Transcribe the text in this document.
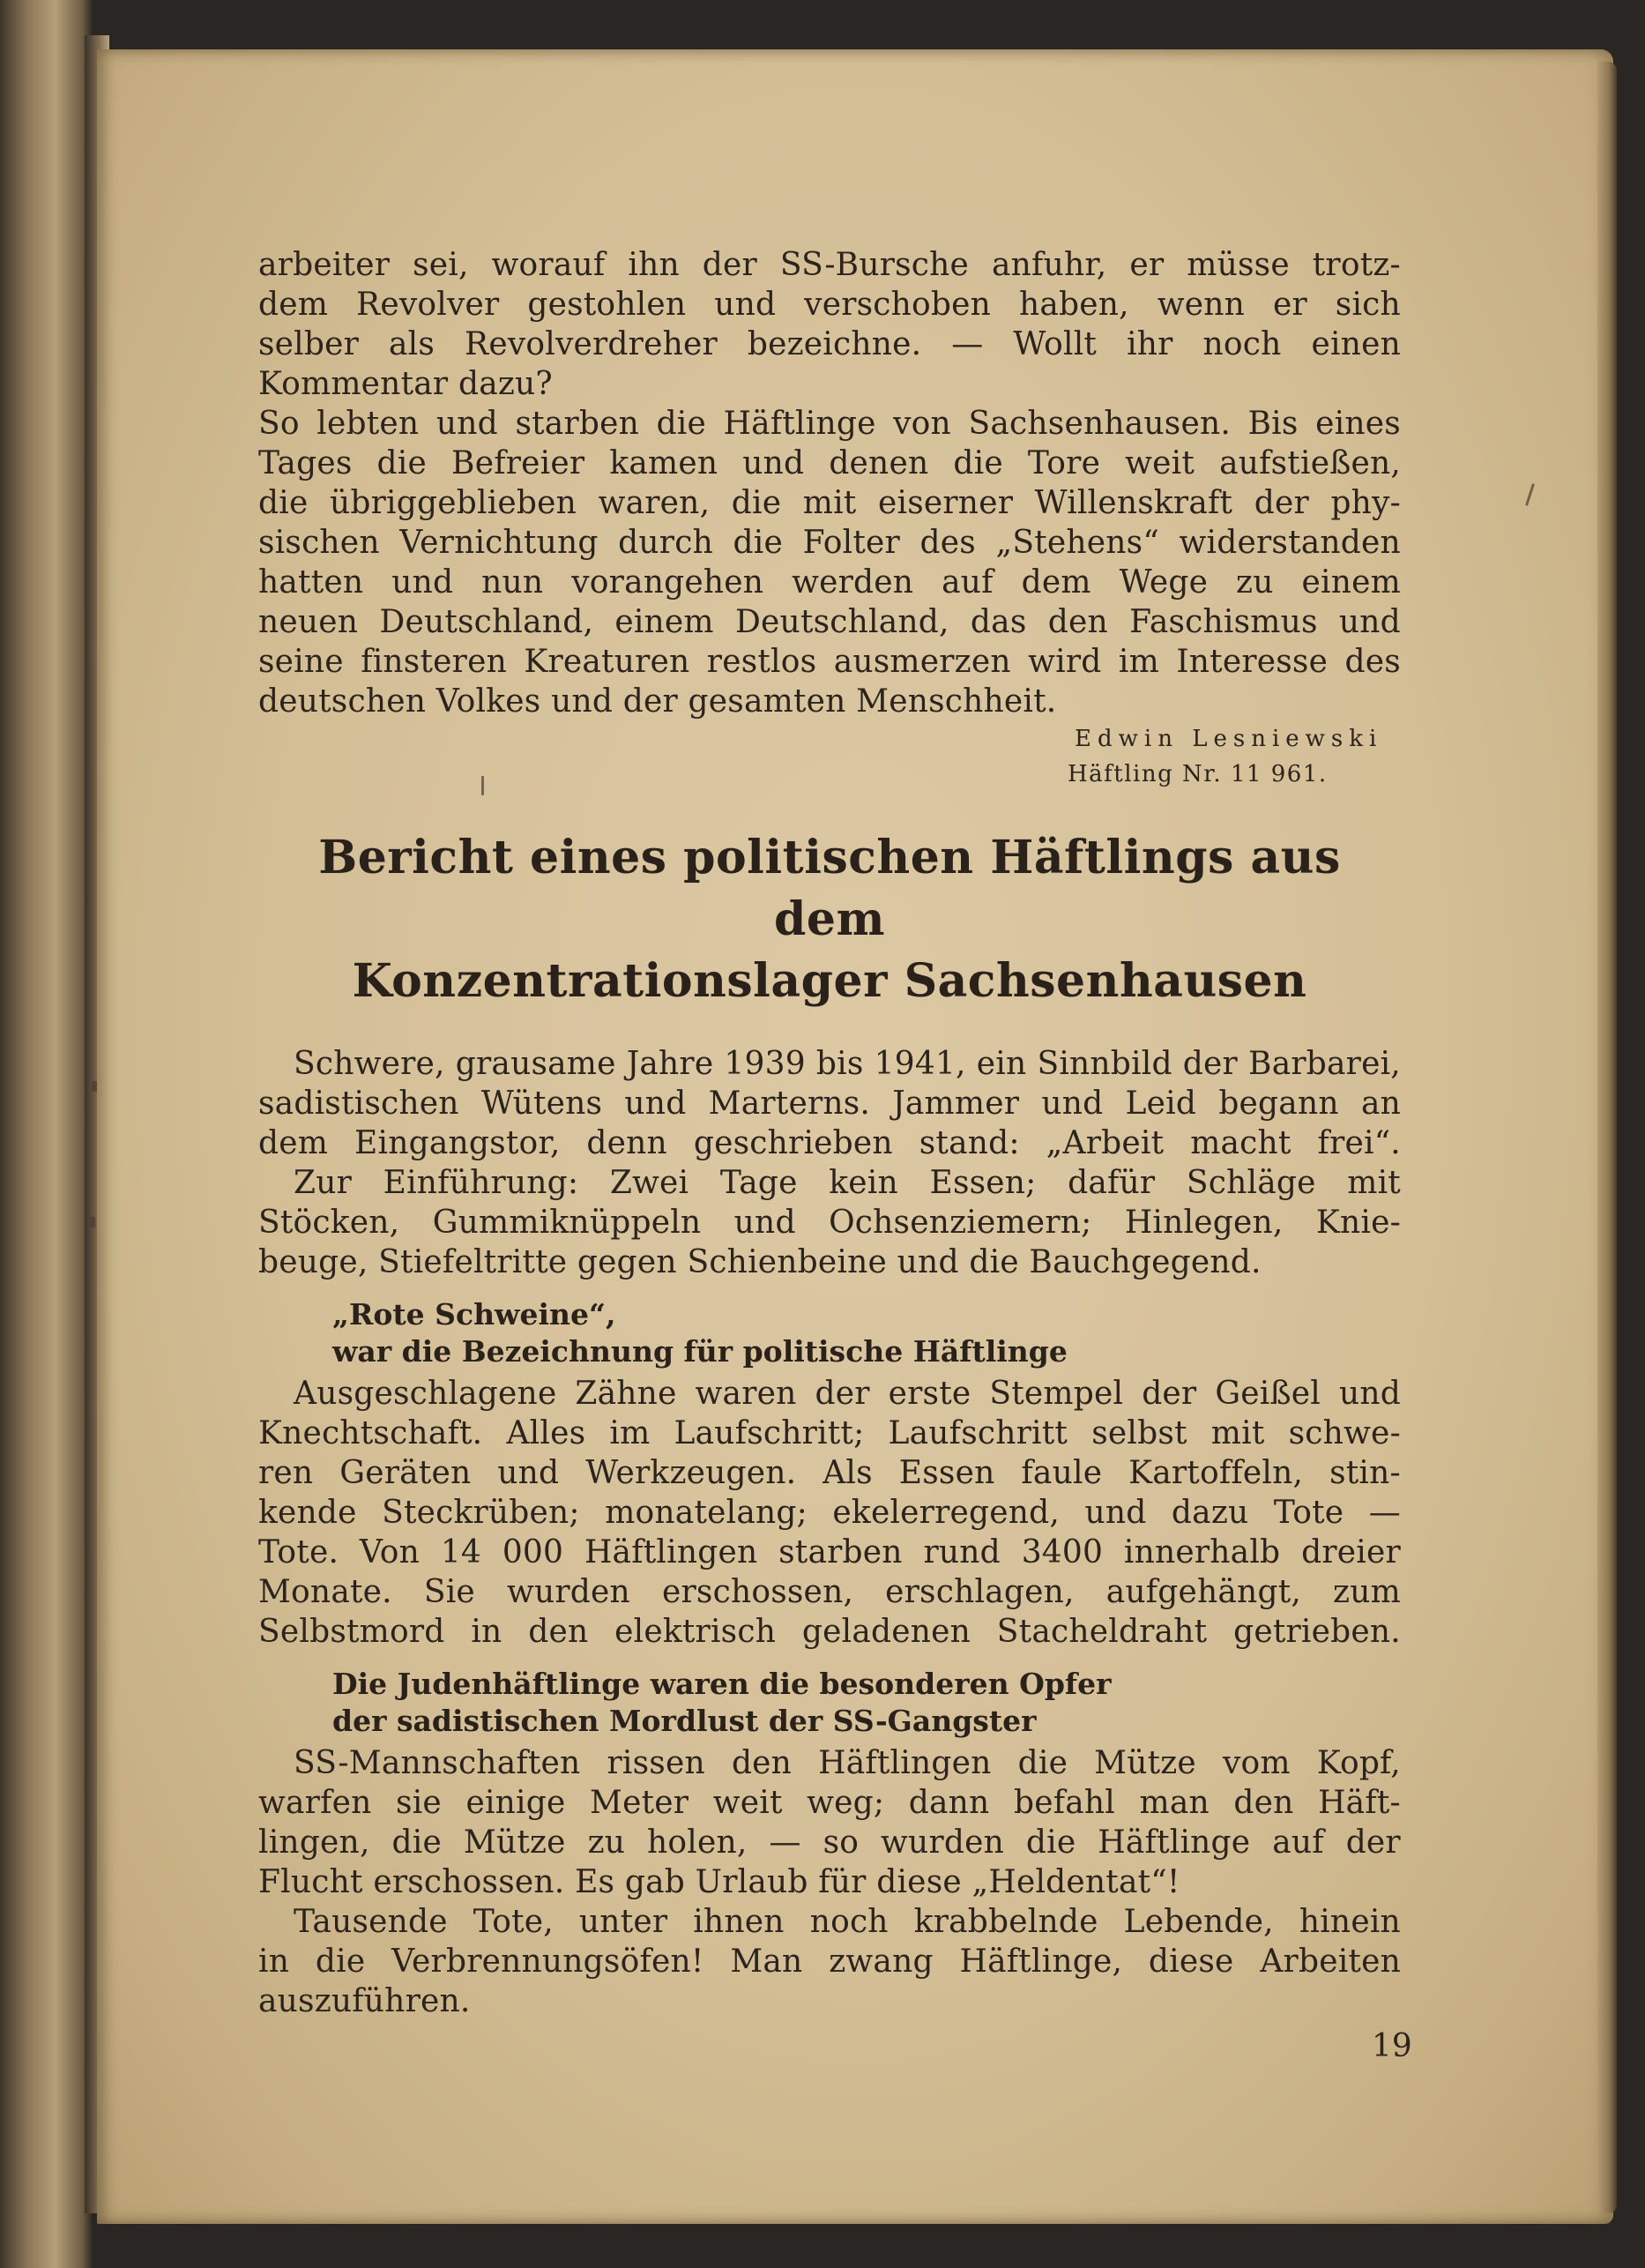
arbeiter sei, worauf ihn der SS-Bursche anfuhr, er müsse trotz-
dem Revolver gestohlen und verschoben haben, wenn er sich
selber als Revolverdreher bezeichne. — Wollt ihr noch einen
Kommentar dazu?
So lebten und starben die Häftlinge von Sachsenhausen. Bis eines
Tages die Befreier kamen und denen die Tore weit aufstießen,
die übriggeblieben waren, die mit eiserner Willenskraft der phy-
sischen Vernichtung durch die Folter des „Stehens“ widerstanden
hatten und nun vorangehen werden auf dem Wege zu einem
neuen Deutschland, einem Deutschland, das den Faschismus und
seine finsteren Kreaturen restlos ausmerzen wird im Interesse des
deutschen Volkes und der gesamten Menschheit.
Edwin Lesniewski
Häftling Nr. 11 961.
Bericht eines politischen Häftlings aus dem
Konzentrationslager Sachsenhausen
Schwere, grausame Jahre 1939 bis 1941, ein Sinnbild der Barbarei,
sadistischen Wütens und Marterns. Jammer und Leid begann an
dem Eingangstor, denn geschrieben stand: „Arbeit macht frei“.
Zur Einführung: Zwei Tage kein Essen; dafür Schläge mit
Stöcken, Gummiknüppeln und Ochsenziemern; Hinlegen, Knie-
beuge, Stiefeltritte gegen Schienbeine und die Bauchgegend.
„Rote Schweine“,
war die Bezeichnung für politische Häftlinge
Ausgeschlagene Zähne waren der erste Stempel der Geißel und
Knechtschaft. Alles im Laufschritt; Laufschritt selbst mit schwe-
ren Geräten und Werkzeugen. Als Essen faule Kartoffeln, stin-
kende Steckrüben; monatelang; ekelerregend, und dazu Tote —
Tote. Von 14 000 Häftlingen starben rund 3400 innerhalb dreier
Monate. Sie wurden erschossen, erschlagen, aufgehängt, zum
Selbstmord in den elektrisch geladenen Stacheldraht getrieben.
Die Judenhäftlinge waren die besonderen Opfer
der sadistischen Mordlust der SS-Gangster
SS-Mannschaften rissen den Häftlingen die Mütze vom Kopf,
warfen sie einige Meter weit weg; dann befahl man den Häft-
lingen, die Mütze zu holen, — so wurden die Häftlinge auf der
Flucht erschossen. Es gab Urlaub für diese „Heldentat“!
Tausende Tote, unter ihnen noch krabbelnde Lebende, hinein
in die Verbrennungsöfen! Man zwang Häftlinge, diese Arbeiten
auszuführen.
19
